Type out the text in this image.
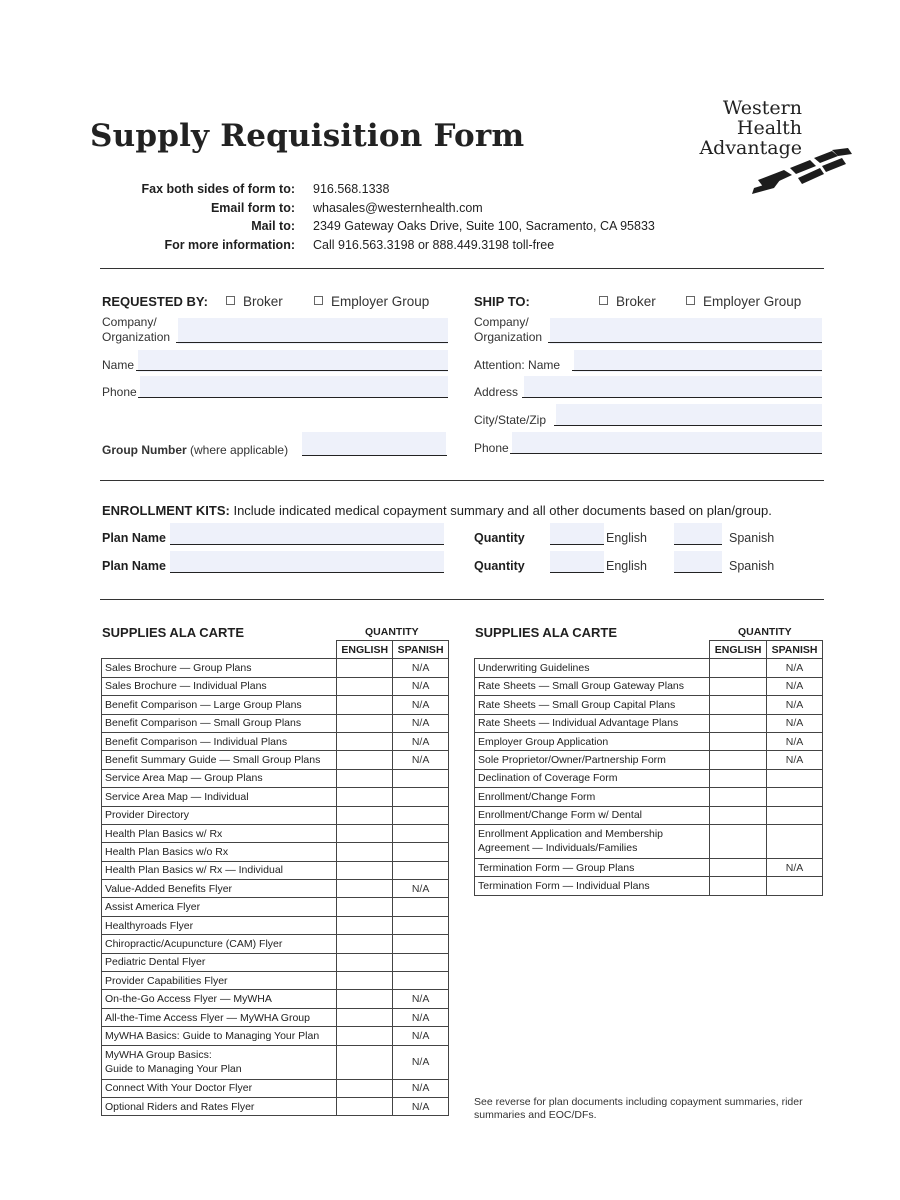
Supply Requisition Form
Western
Health
Advantage
Fax both sides of form to: 916.568.1338
Email form to: whasales@westernhealth.com
Mail to: 2349 Gateway Oaks Drive, Suite 100, Sacramento, CA 95833
For more information: Call 916.563.3198 or 888.449.3198 toll-free
REQUESTED BY:	Broker	Employer Group
Company/
Organization
Name
Phone
Group Number (where applicable)
SHIP TO:	Broker	Employer Group
Company/
Organization
Attention: Name
Address
City/State/Zip
Phone
ENROLLMENT KITS: Include indicated medical copayment summary and all other documents based on plan/group.
Plan Name	Quantity	English	Spanish
Plan Name	Quantity	English	Spanish
SUPPLIES ALA CARTE	QUANTITY
	ENGLISH	SPANISH

Sales Brochure — Group Plans		N/A

Sales Brochure — Individual Plans		N/A

Benefit Comparison — Large Group Plans		N/A

Benefit Comparison — Small Group Plans		N/A

Benefit Comparison — Individual Plans		N/A

Benefit Summary Guide — Small Group Plans		N/A

Service Area Map — Group Plans		

Service Area Map — Individual		

Provider Directory		

Health Plan Basics w/ Rx		

Health Plan Basics w/o Rx		

Health Plan Basics w/ Rx — Individual		

Value-Added Benefits Flyer		N/A

Assist America Flyer		

Healthyroads Flyer		

Chiropractic/Acupuncture (CAM) Flyer		

Pediatric Dental Flyer		

Provider Capabilities Flyer		

On-the-Go Access Flyer — MyWHA		N/A

All-the-Time Access Flyer — MyWHA Group		N/A

MyWHA Basics: Guide to Managing Your Plan		N/A

MyWHA Group Basics:
Guide to Managing Your Plan		N/A

Connect With Your Doctor Flyer		N/A

Optional Riders and Rates Flyer		N/A
SUPPLIES ALA CARTE	QUANTITY
	ENGLISH	SPANISH

Underwriting Guidelines		N/A

Rate Sheets — Small Group Gateway Plans		N/A

Rate Sheets — Small Group Capital Plans		N/A

Rate Sheets — Individual Advantage Plans		N/A

Employer Group Application		N/A

Sole Proprietor/Owner/Partnership Form		N/A

Declination of Coverage Form		

Enrollment/Change Form		

Enrollment/Change Form w/ Dental		

Enrollment Application and Membership
Agreement — Individuals/Families		

Termination Form — Group Plans		N/A

Termination Form — Individual Plans		

See reverse for plan documents including copayment summaries, rider summaries and EOC/DFs.
